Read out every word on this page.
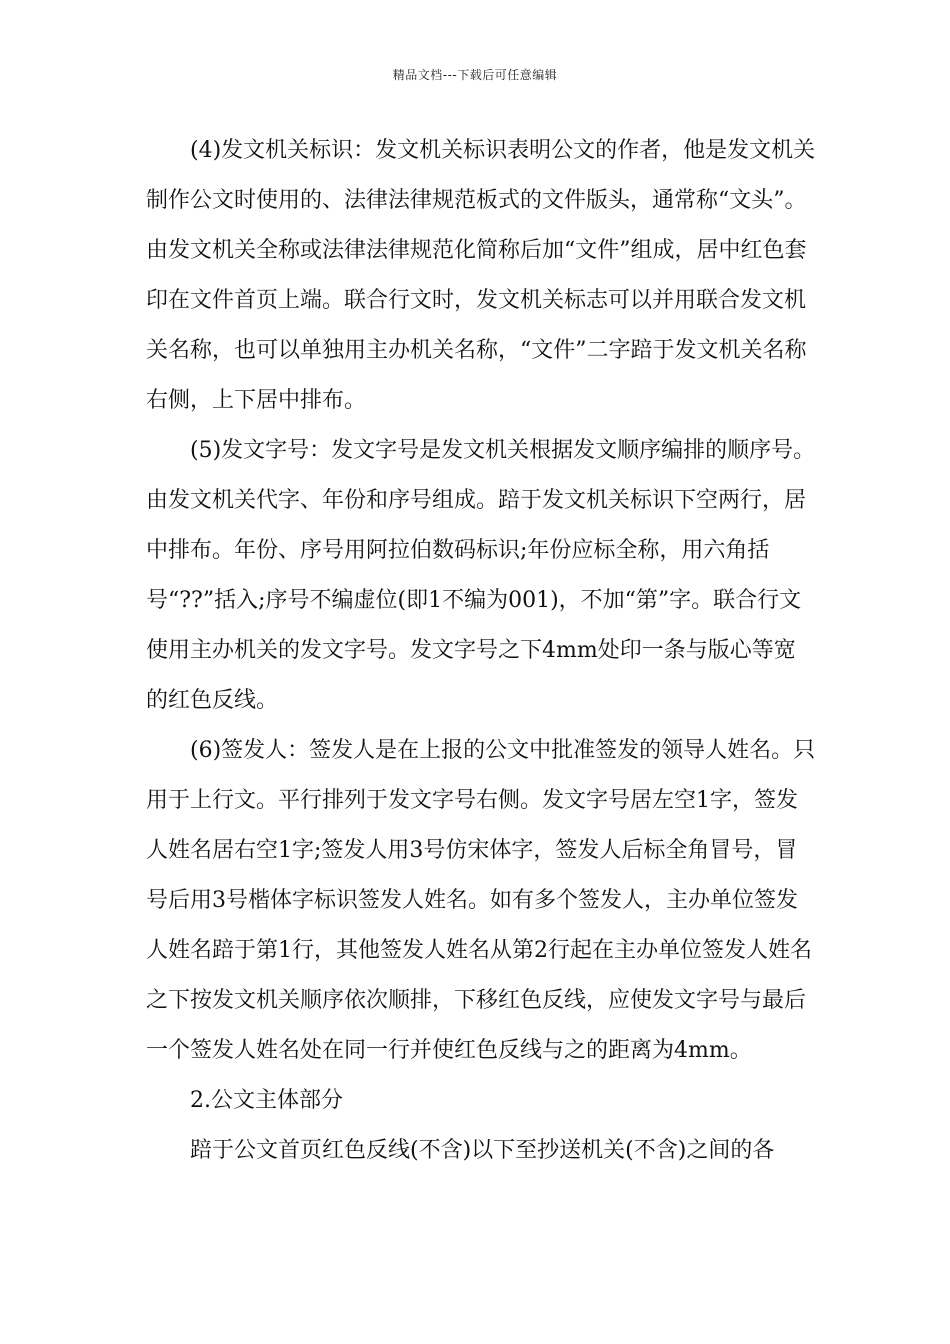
精品文档---下载后可任意编辑

(4)发文机关标识：发文机关标识表明公文的作者，他是发文机关制作公文时使用的、法律法律规范板式的文件版头，通常称“文头”。由发文机关全称或法律法律规范化简称后加“文件”组成，居中红色套印在文件首页上端。联合行文时，发文机关标志可以并用联合发文机关名称，也可以单独用主办机关名称，“文件”二字踣于发文机关名称右侧，上下居中排布。

(5)发文字号：发文字号是发文机关根据发文顺序编排的顺序号。由发文机关代字、年份和序号组成。踣于发文机关标识下空两行，居中排布。年份、序号用阿拉伯数码标识;年份应标全称，用六角括号“??”括入;序号不编虚位(即1不编为001)，不加“第”字。联合行文使用主办机关的发文字号。发文字号之下4mm处印一条与版心等宽的红色反线。

(6)签发人：签发人是在上报的公文中批准签发的领导人姓名。只用于上行文。平行排列于发文字号右侧。发文字号居左空1字，签发人姓名居右空1字;签发人用3号仿宋体字，签发人后标全角冒号，冒号后用3号楷体字标识签发人姓名。如有多个签发人，主办单位签发人姓名踣于第1行，其他签发人姓名从第2行起在主办单位签发人姓名之下按发文机关顺序依次顺排，下移红色反线，应使发文字号与最后一个签发人姓名处在同一行并使红色反线与之的距离为4mm。

2.公文主体部分

踣于公文首页红色反线(不含)以下至抄送机关(不含)之间的各
